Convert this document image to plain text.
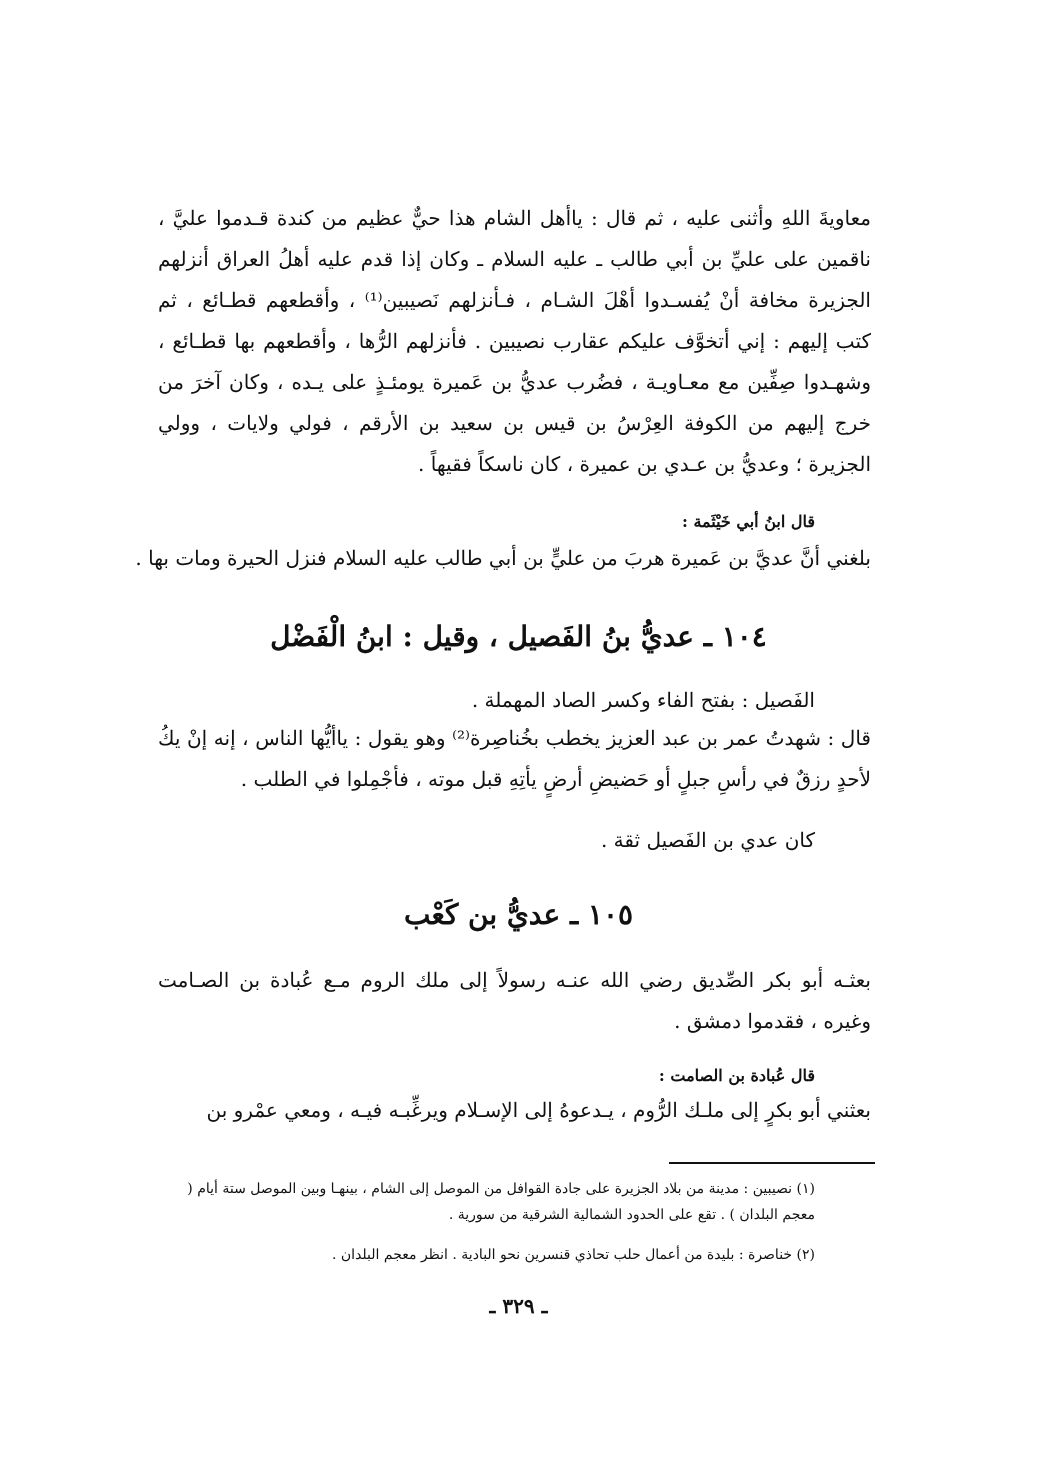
معاويةَ اللهِ وأثنى عليه ، ثم قال : ياأهل الشام هذا حيٌّ عظيم من كندة قـدموا عليَّ ، ناقمين على عليِّ بن أبي طالب ـ عليه السلام ـ وكان إذا قدم عليه أهلُ العراق أنزلهم الجزيرة مخافة أنْ يُفسـدوا أهْلَ الشـام ، فـأنزلهم نَصيبين⁽¹⁾ ، وأقطعهم قطـائع ، ثم كتب إليهم : إني أتخوَّف عليكم عقارب نصيبين . فأنزلهم الرُّها ، وأقطعهم بها قطـائع ، وشهـدوا صِفِّين مع معـاويـة ، فضُرب عديُّ بن عَميرة يومئـذٍ على يـده ، وكان آخرَ من خرج إليهم من الكوفة العِرْسُ بن قيس بن سعيد بن الأرقم ، فولي ولايات ، وولي الجزيرة ؛ وعديُّ بن عـدي بن عميرة ، كان ناسكاً فقيهاً .

قال ابنُ أبي خَيْثَمة :
بلغني أنَّ عديَّ بن عَميرة هربَ من عليٍّ بن أبي طالب عليه السلام فنزل الحيرة ومات بها .
١٠٤ ـ عديُّ بنُ الفَصيل ، وقيل : ابنُ الْفَضْل
الفَصيل : بفتح الفاء وكسر الصاد المهملة .

قال : شهدتُ عمر بن عبد العزيز يخطب بخُناصِرة⁽²⁾ وهو يقول : ياأيُّها الناس ، إنه إنْ يكُ لأحدٍ رزقٌ في رأسِ جبلٍ أو حَضيضِ أرضٍ يأتِهِ قبل موته ، فأجْمِلوا في الطلب .

كان عدي بن الفَصيل ثقة .
١٠٥ ـ عديُّ بن كَعْب

بعثـه أبو بكر الصِّديق رضي الله عنـه رسولاً إلى ملك الروم مـع عُبادة بن الصـامت وغيره ، فقدموا دمشق .

قال عُبادة بن الصامت :
بعثني أبو بكرٍ إلى ملـك الرُّوم ، يـدعوهُ إلى الإسـلام ويرغِّبـه فيـه ، ومعي عمْرو بن

(١) نصيبين : مدينة من بلاد الجزيرة على جادة القوافل من الموصل إلى الشام ، بينهـا وبين الموصل ستة أيام ( معجم البلدان ) . تقع على الحدود الشمالية الشرقية من سورية .

(٢) خناصرة : بليدة من أعمال حلب تحاذي قنسرين نحو البادية . انظر معجم البلدان .

ـ ٣٢٩ ـ
